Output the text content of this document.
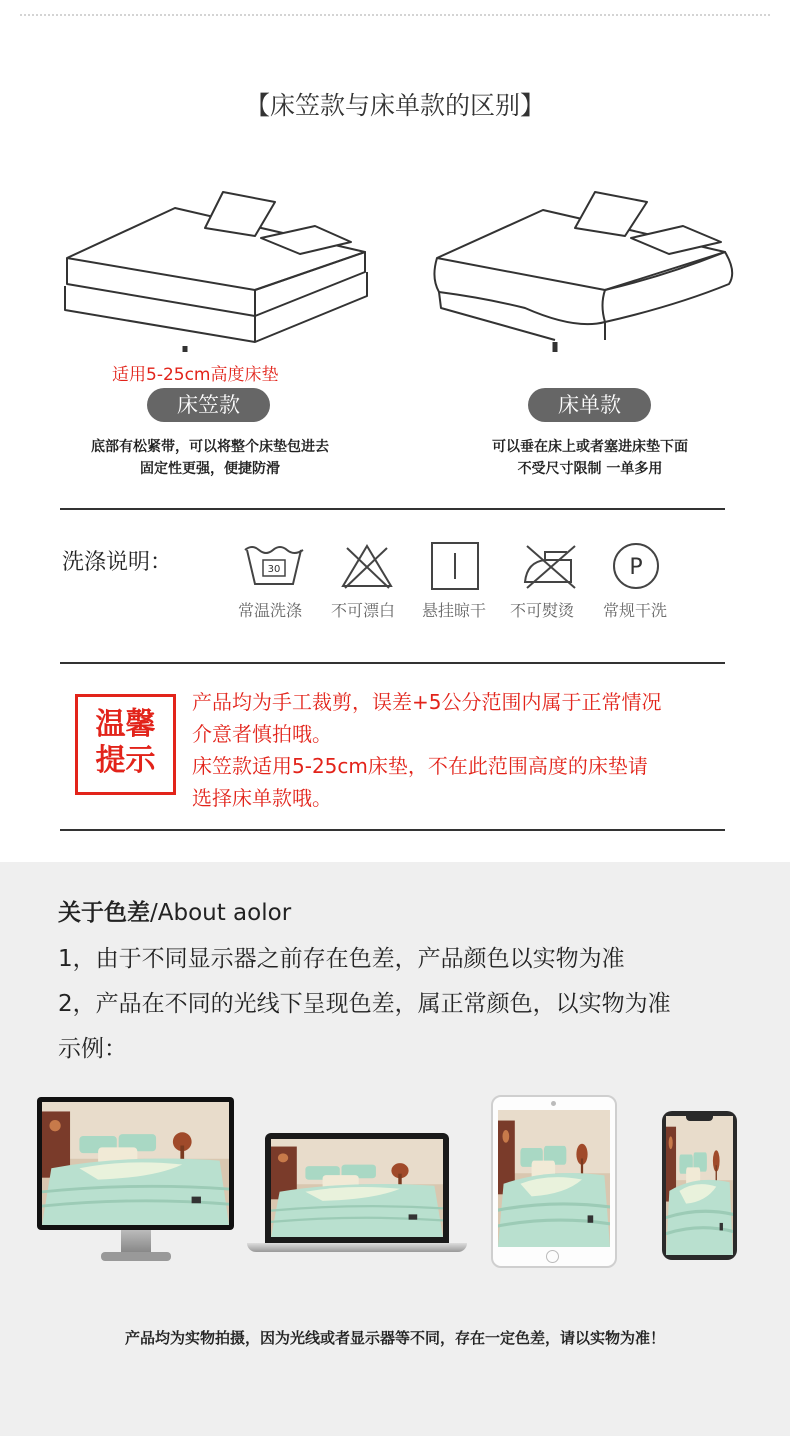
【床笠款与床单款的区别】
适用5-25cm高度床垫
床笠款	床单款
底部有松紧带，可以将整个床垫包进去
固定性更强，便捷防滑
可以垂在床上或者塞进床垫下面
不受尺寸限制 一单多用
洗涤说明：	30	P
常温洗涤	不可漂白	悬挂晾干	不可熨烫	常规干洗
温馨
提示

产品均为手工裁剪，误差+5公分范围内属于正常情况

介意者慎拍哦。

床笠款适用5-25cm床垫，不在此范围高度的床垫请

选择床单款哦。

关于色差/About aolor
1，由于不同显示器之前存在色差，产品颜色以实物为准
2，产品在不同的光线下呈现色差，属正常颜色，以实物为准
示例：
产品均为实物拍摄，因为光线或者显示器等不同，存在一定色差，请以实物为准！
